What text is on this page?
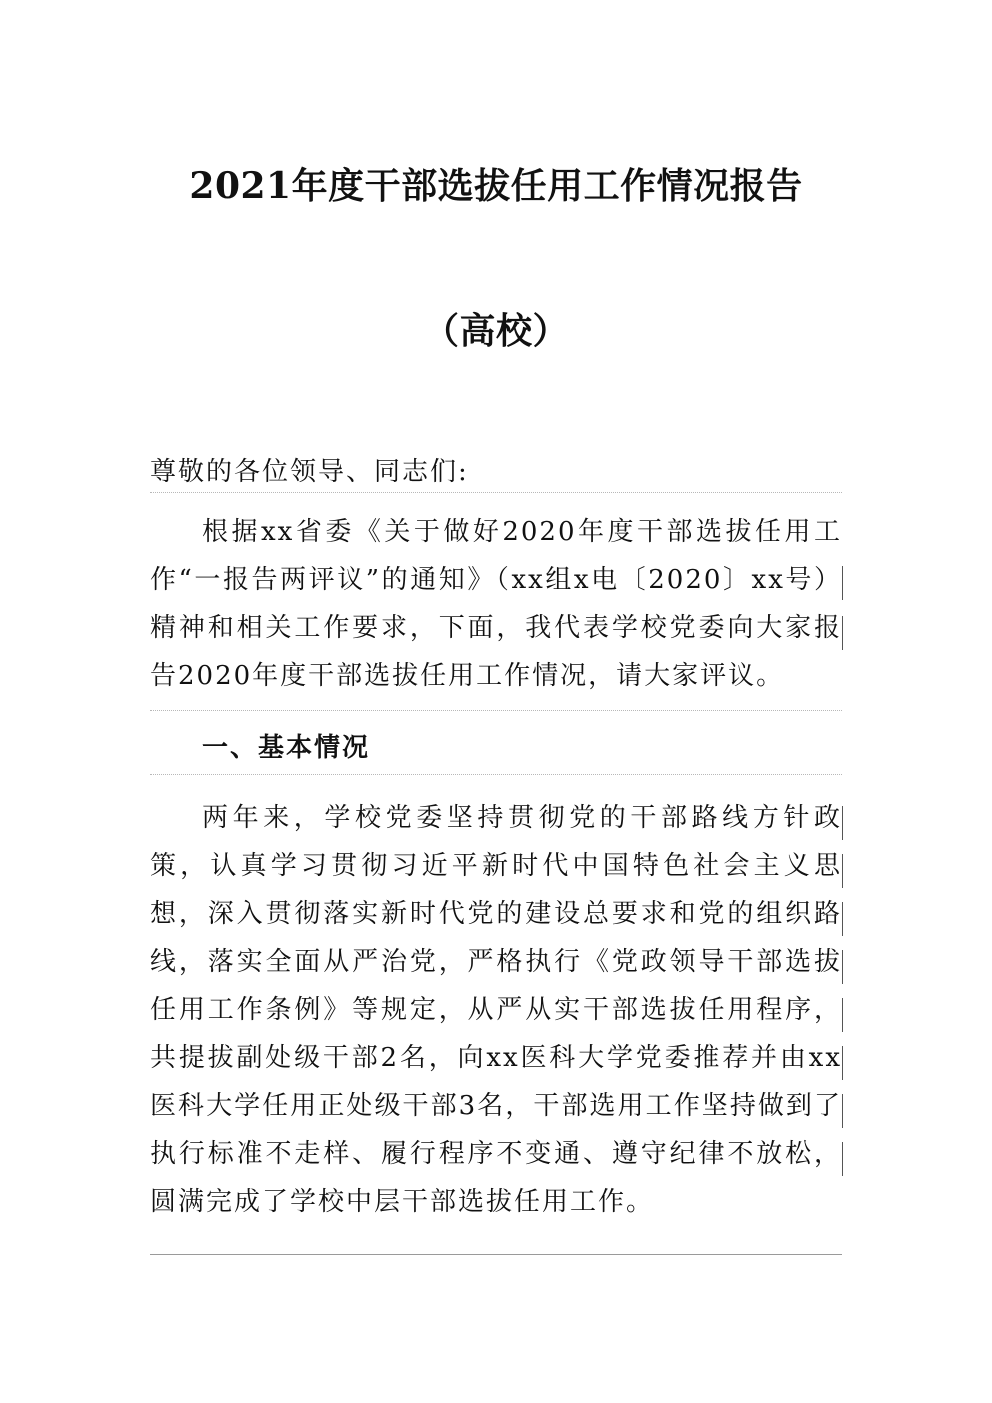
2021年度干部选拔任用工作情况报告
（高校）

尊敬的各位领导、同志们:

根据xx省委《关于做好2020年度干部选拔任用工作“一报告两评议”的通知》（xx组x电〔2020〕xx号）精神和相关工作要求，下面，我代表学校党委向大家报告2020年度干部选拔任用工作情况，请大家评议。

一、基本情况

两年来，学校党委坚持贯彻党的干部路线方针政策，认真学习贯彻习近平新时代中国特色社会主义思想，深入贯彻落实新时代党的建设总要求和党的组织路线，落实全面从严治党，严格执行《党政领导干部选拔任用工作条例》等规定，从严从实干部选拔任用程序，共提拔副处级干部2名，向xx医科大学党委推荐并由xx医科大学任用正处级干部3名，干部选用工作坚持做到了执行标准不走样、履行程序不变通、遵守纪律不放松，圆满完成了学校中层干部选拔任用工作。
